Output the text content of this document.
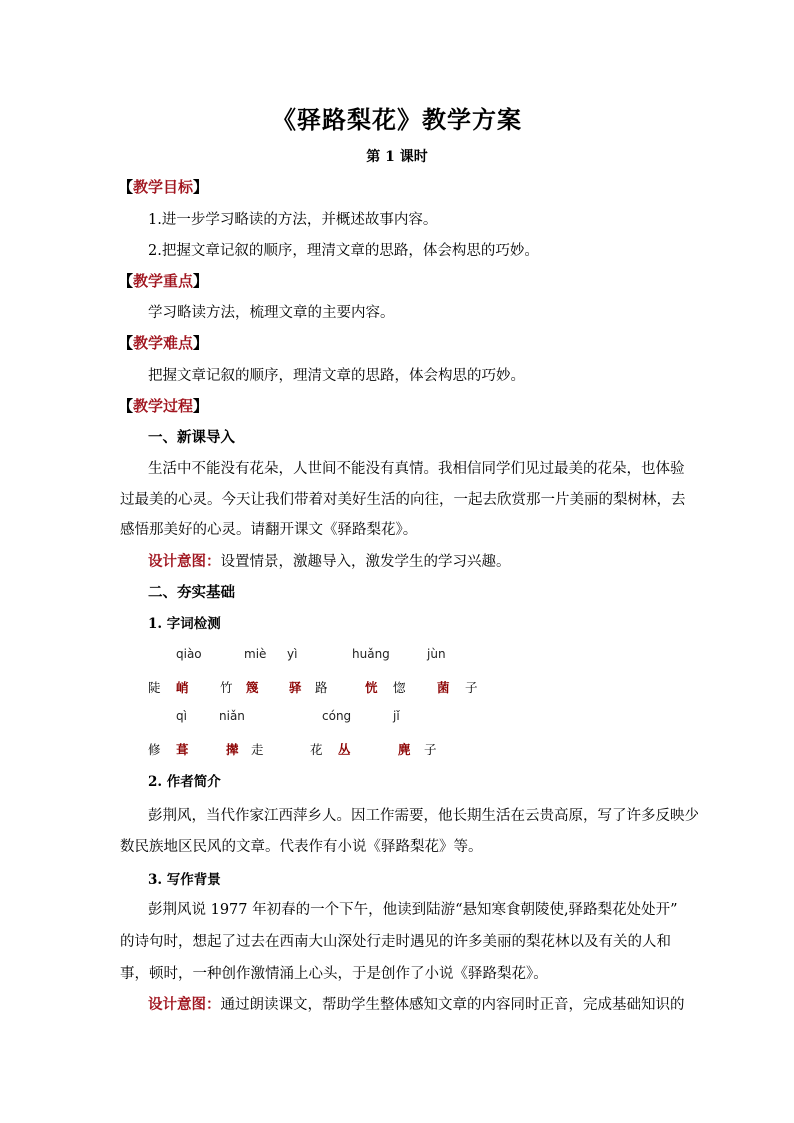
《驿路梨花》教学方案
第 1 课时
【教学目标】
1.进一步学习略读的方法，并概述故事内容。
2.把握文章记叙的顺序，理清文章的思路，体会构思的巧妙。
【教学重点】
学习略读方法，梳理文章的主要内容。
【教学难点】
把握文章记叙的顺序，理清文章的思路，体会构思的巧妙。
【教学过程】
一、新课导入
生活中不能没有花朵，人世间不能没有真情。我相信同学们见过最美的花朵，也体验
过最美的心灵。今天让我们带着对美好生活的向往，一起去欣赏那一片美丽的梨树林，去
感悟那美好的心灵。请翻开课文《驿路梨花》。
设计意图：设置情景，激趣导入，激发学生的学习兴趣。
二、夯实基础
1. 字词检测
qiào	miè yì	huǎng	jùn
陡 峭	竹 篾 驿 路	恍 惚	菌 子
qì	niǎn	cóng	jǐ
修 葺	撵 走	花 丛	麂 子
2. 作者简介
彭荆风，当代作家江西萍乡人。因工作需要，他长期生活在云贵高原，写了许多反映少
数民族地区民风的文章。代表作有小说《驿路梨花》等。
3. 写作背景
彭荆风说 1977 年初春的一个下午，他读到陆游“悬知寒食朝陵使,驿路梨花处处开”
的诗句时，想起了过去在西南大山深处行走时遇见的许多美丽的梨花林以及有关的人和
事，顿时，一种创作激情涌上心头，于是创作了小说《驿路梨花》。
设计意图：通过朗读课文，帮助学生整体感知文章的内容同时正音，完成基础知识的
